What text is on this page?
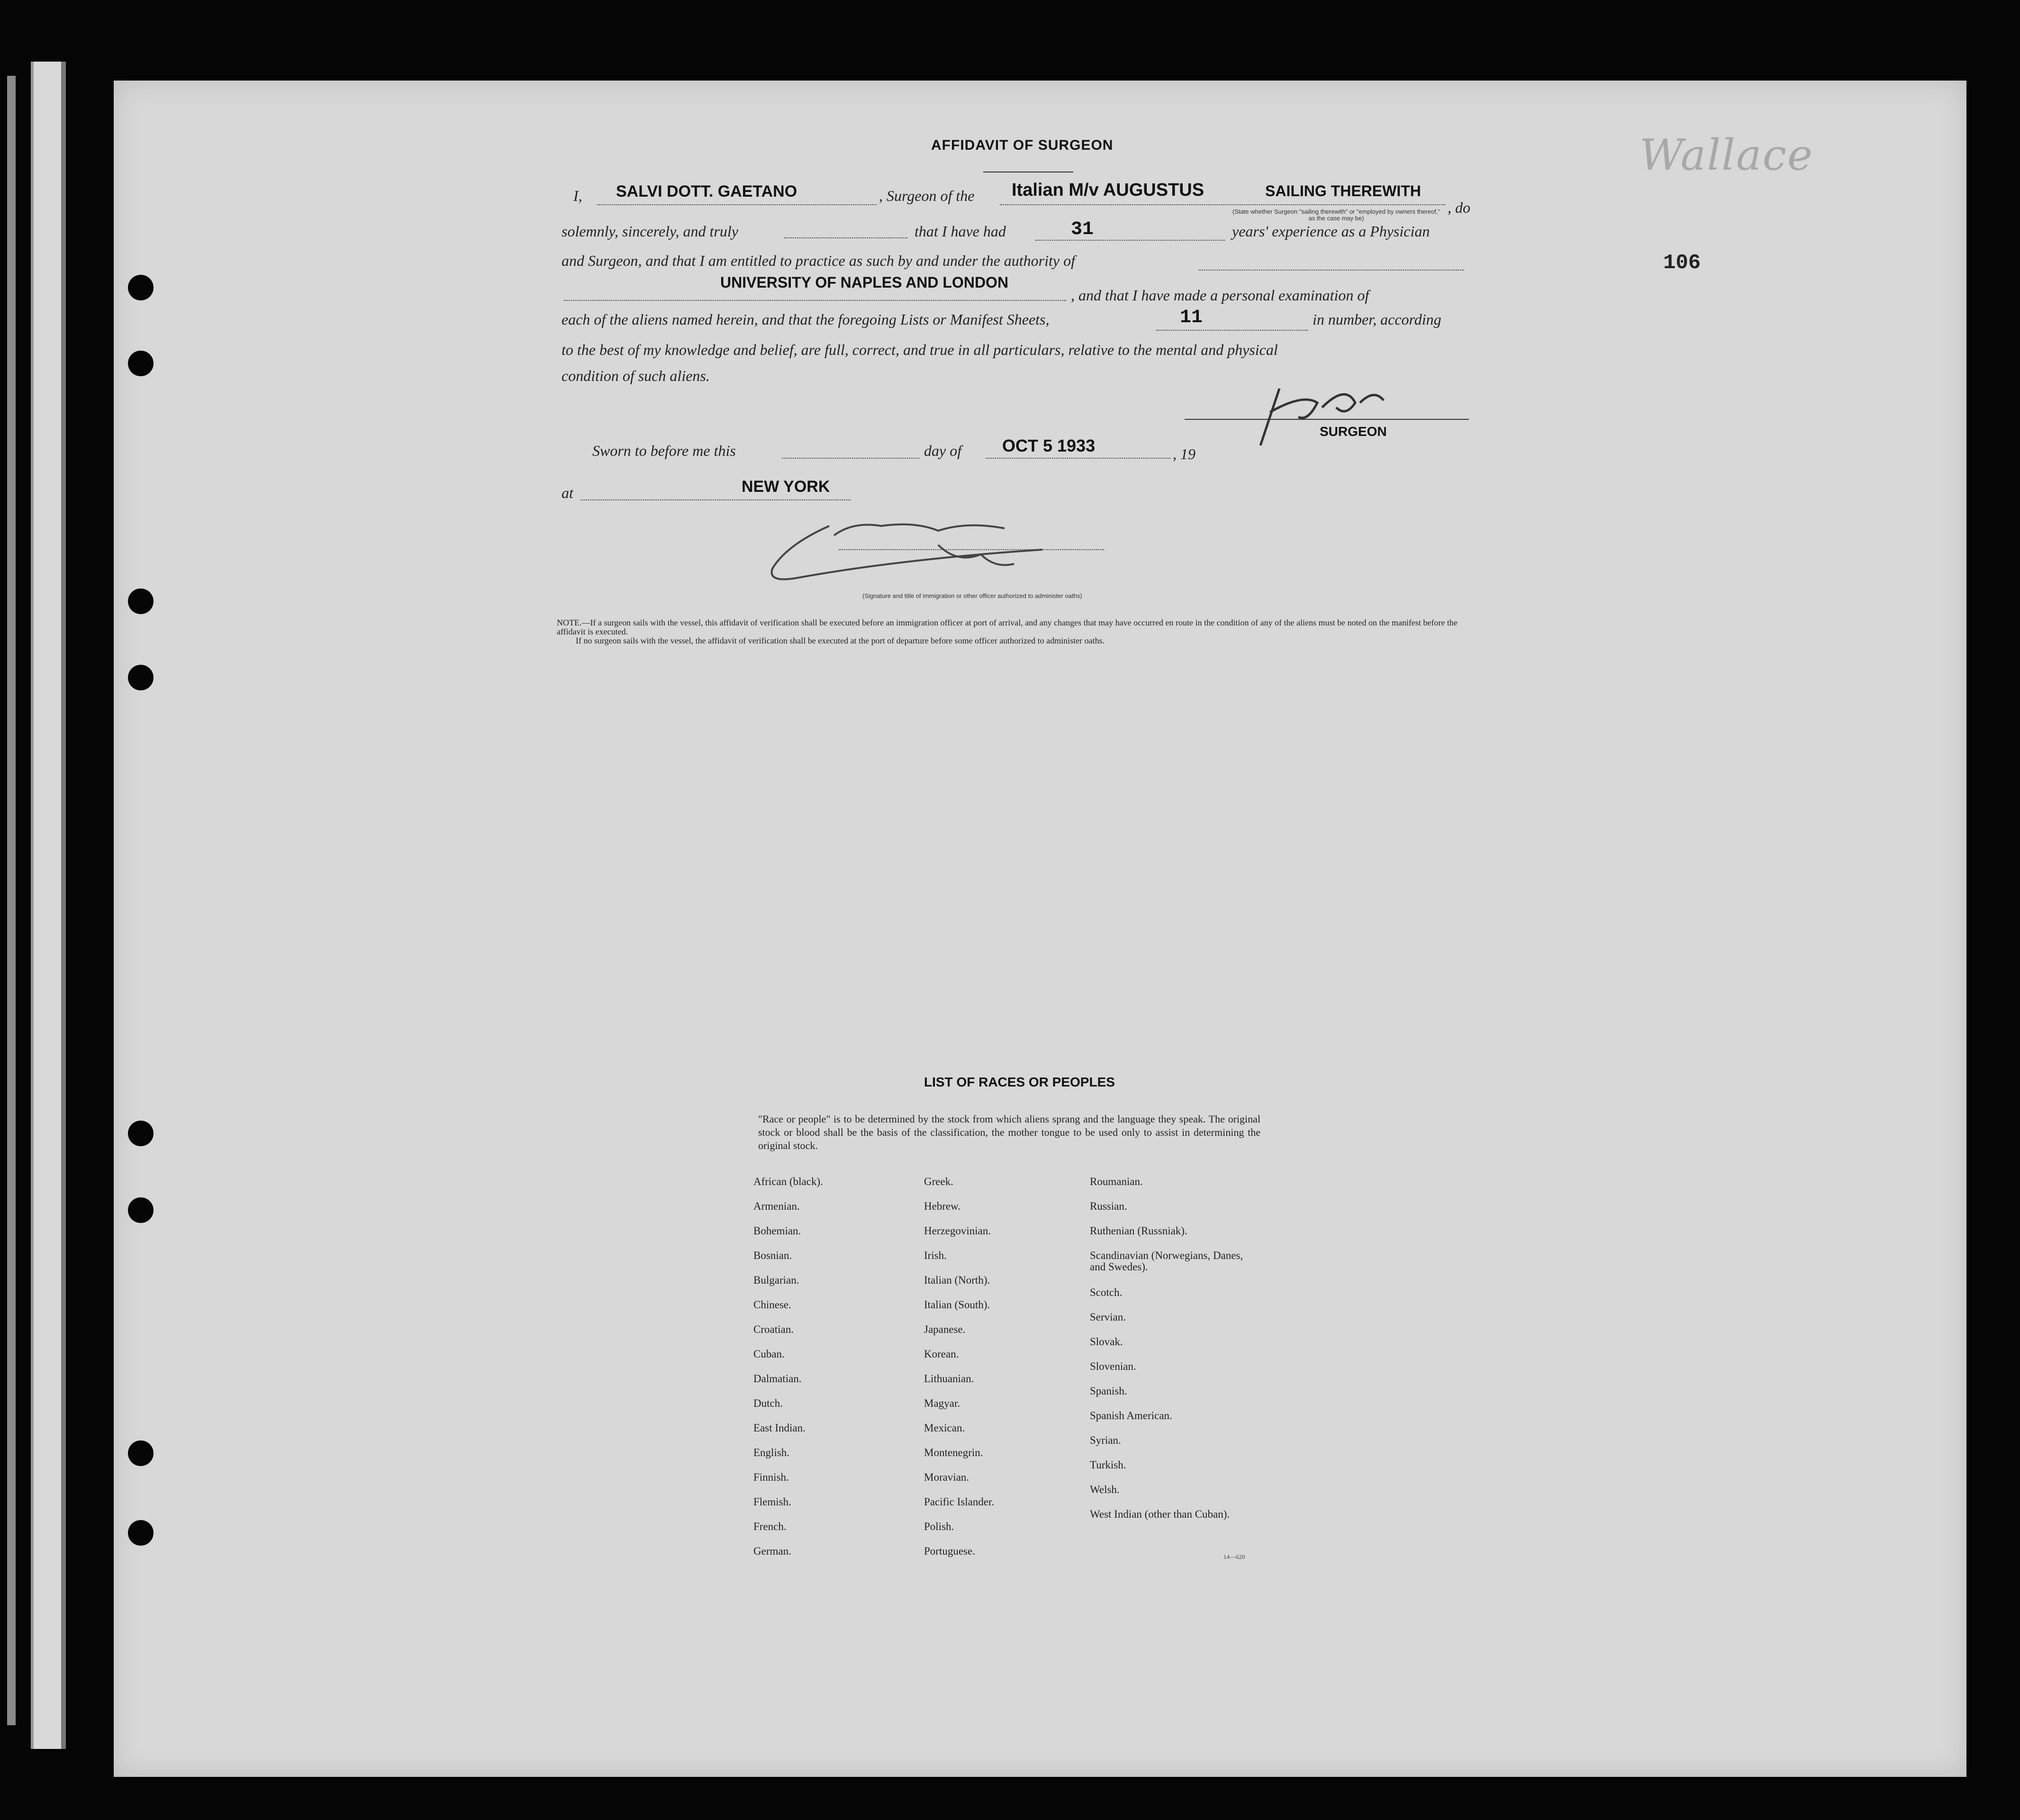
Wallace
106
AFFIDAVIT OF SURGEON
I, SALVI DOTT. GAETANO	, Surgeon of the Italian M/v AUGUSTUS	SAILING THEREWITH
, do
(State whether Surgeon "sailing therewith" or "employed by owners thereof," as the case may be)
solemnly, sincerely, and truly	that I have had	31	years' experience as a Physician
and Surgeon, and that I am entitled to practice as such by and under the authority of
UNIVERSITY OF NAPLES AND LONDON
, and that I have made a personal examination of
each of the aliens named herein, and that the foregoing Lists or Manifest Sheets,	11	in number, according
to the best of my knowledge and belief, are full, correct, and true in all particulars, relative to the mental and physical
condition of such aliens.
SURGEON
Sworn to before me this	day of OCT 5 1933	, 19
at	NEW YORK
(Signature and title of immigration or other officer authorized to administer oaths)
NOTE.—If a surgeon sails with the vessel, this affidavit of verification shall be executed before an immigration officer at port of arrival, and any changes that may have occurred en route in the condition of any of the aliens must be noted on the manifest before the affidavit is executed.
If no surgeon sails with the vessel, the affidavit of verification shall be executed at the port of departure before some officer authorized to administer oaths.
LIST OF RACES OR PEOPLES
"Race or people" is to be determined by the stock from which aliens sprang and the language they speak. The original stock or blood shall be the basis of the classification, the mother tongue to be used only to assist in determining the original stock.
African (black).
Armenian.
Bohemian.
Bosnian.
Bulgarian.
Chinese.
Croatian.
Cuban.
Dalmatian.
Dutch.
East Indian.
English.
Finnish.
Flemish.
French.
German.
Greek.
Hebrew.
Herzegovinian.
Irish.
Italian (North).
Italian (South).
Japanese.
Korean.
Lithuanian.
Magyar.
Mexican.
Montenegrin.
Moravian.
Pacific Islander.
Polish.
Portuguese.
Roumanian.
Russian.
Ruthenian (Russniak).
Scandinavian (Norwegians, Danes, and Swedes).
Scotch.
Servian.
Slovak.
Slovenian.
Spanish.
Spanish American.
Syrian.
Turkish.
Welsh.
West Indian (other than Cuban).
14—620
